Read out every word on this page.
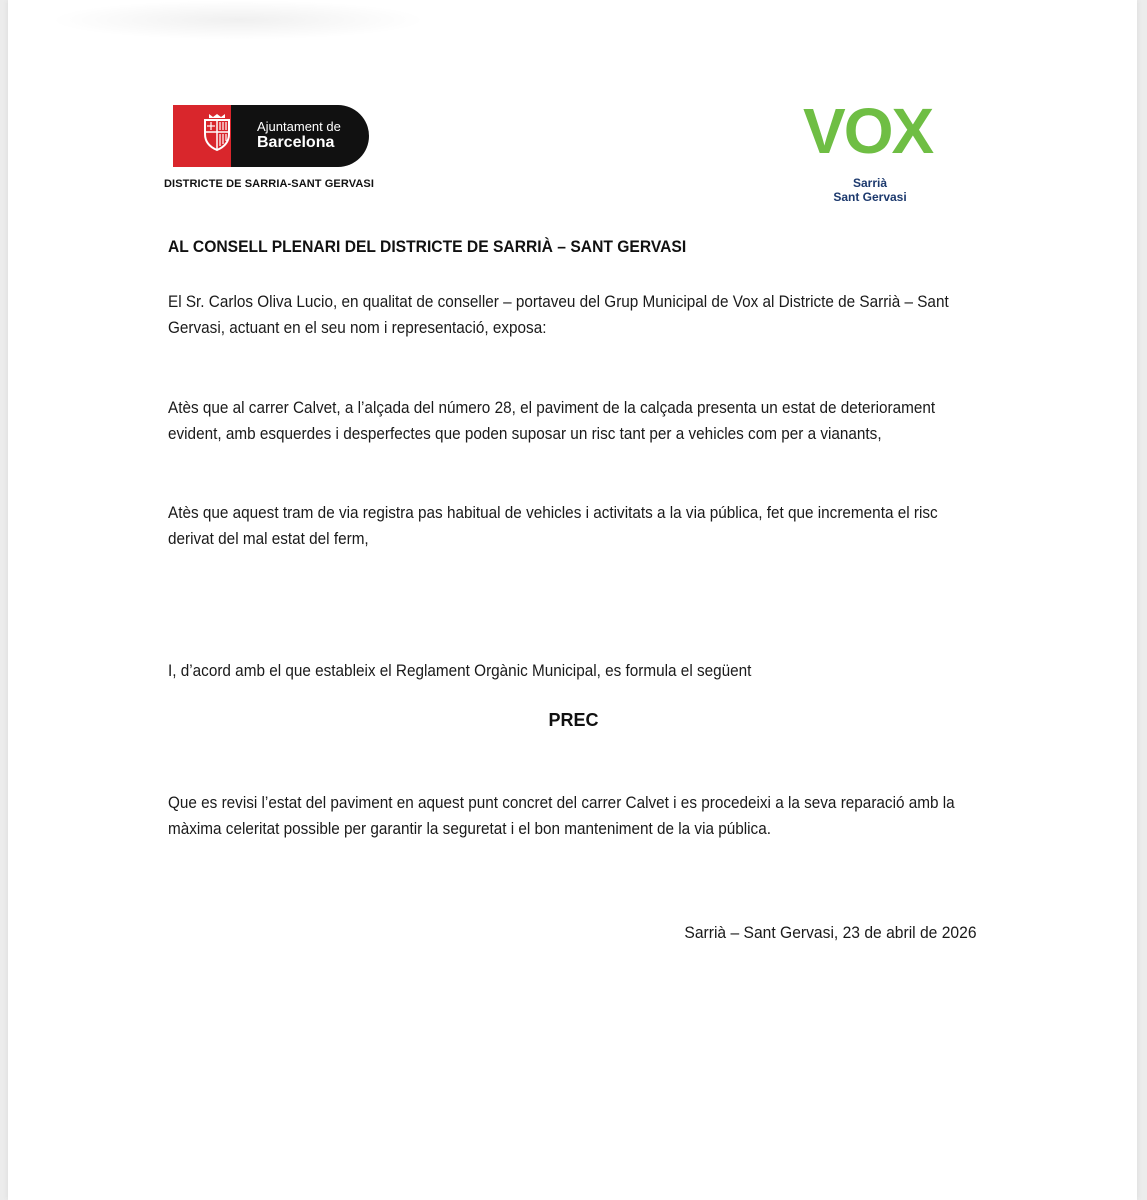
Ajuntament de
Barcelona
DISTRICTE DE SARRIA-SANT GERVASI
VOX
Sarrià
Sant Gervasi
AL CONSELL PLENARI DEL DISTRICTE DE SARRIÀ – SANT GERVASI
El Sr. Carlos Oliva Lucio, en qualitat de conseller – portaveu del Grup Municipal de Vox al Districte de Sarrià – Sant Gervasi, actuant en el seu nom i representació, exposa:
Atès que al carrer Calvet, a l’alçada del número 28, el paviment de la calçada presenta un estat de deteriorament evident, amb esquerdes i desperfectes que poden suposar un risc tant per a vehicles com per a vianants,
Atès que aquest tram de via registra pas habitual de vehicles i activitats a la via pública, fet que incrementa el risc derivat del mal estat del ferm,
I, d’acord amb el que estableix el Reglament Orgànic Municipal, es formula el següent
PREC
Que es revisi l’estat del paviment en aquest punt concret del carrer Calvet i es procedeixi a la seva reparació amb la màxima celeritat possible per garantir la seguretat i el bon manteniment de la via pública.
Sarrià – Sant Gervasi, 23 de abril de 2026
